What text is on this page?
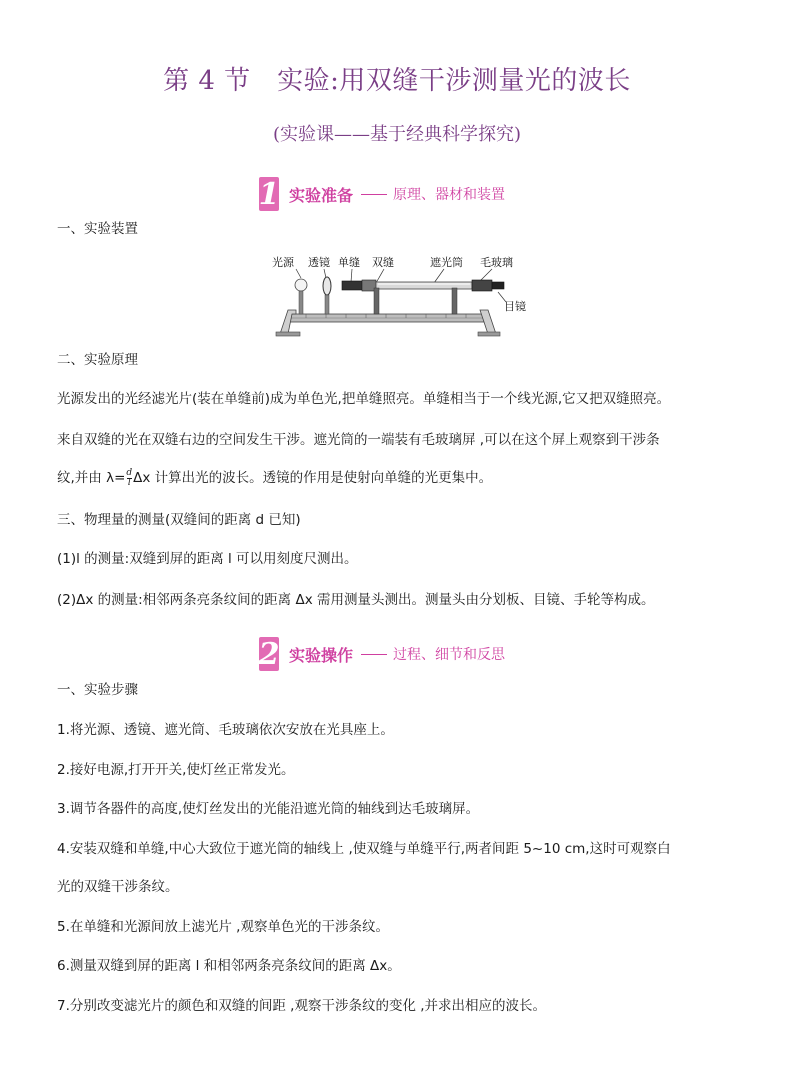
第 4 节　实验:用双缝干涉测量光的波长
(实验课——基于经典科学探究)
1 实验准备	原理、器材和装置
一、实验装置
光源 透镜 单缝 双缝	遮光筒 毛玻璃
目镜
二、实验原理
光源发出的光经滤光片(装在单缝前)成为单色光,把单缝照亮。单缝相当于一个线光源,它又把双缝照亮。
来自双缝的光在双缝右边的空间发生干涉。遮光筒的一端装有毛玻璃屏 ,可以在这个屏上观察到干涉条
纹,并由 $\lambda= \frac{d}{l}$ Δx 计算出光的波长。透镜的作用是使射向单缝的光更集中。
三、物理量的测量(双缝间的距离 d 已知)
(1)l 的测量:双缝到屏的距离 l 可以用刻度尺测出。
(2)Δx 的测量:相邻两条亮条纹间的距离 Δx 需用测量头测出。测量头由分划板、目镜、手轮等构成。
2 实验操作	过程、细节和反思
一、实验步骤
1.将光源、透镜、遮光筒、毛玻璃依次安放在光具座上。
2.接好电源,打开开关,使灯丝正常发光。
3.调节各器件的高度,使灯丝发出的光能沿遮光筒的轴线到达毛玻璃屏。
4.安装双缝和单缝,中心大致位于遮光筒的轴线上 ,使双缝与单缝平行,两者间距 5~10 cm,这时可观察白
光的双缝干涉条纹。
5.在单缝和光源间放上滤光片 ,观察单色光的干涉条纹。
6.测量双缝到屏的距离 l 和相邻两条亮条纹间的距离 Δx。
7.分别改变滤光片的颜色和双缝的间距 ,观察干涉条纹的变化 ,并求出相应的波长。
